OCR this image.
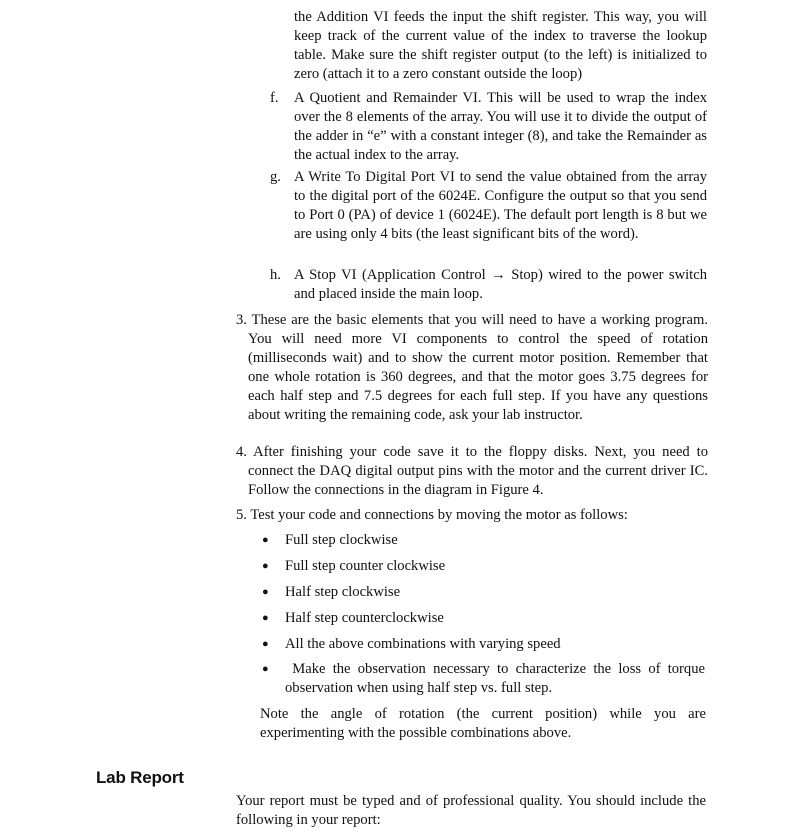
the Addition VI feeds the input the shift register. This way, you will keep track of the current value of the index to traverse the lookup table. Make sure the shift register output (to the left) is initialized to zero (attach it to a zero constant outside the loop)
f. A Quotient and Remainder VI. This will be used to wrap the index over the 8 elements of the array. You will use it to divide the output of the adder in “e” with a constant integer (8), and take the Remainder as the actual index to the array.
g. A Write To Digital Port VI to send the value obtained from the array to the digital port of the 6024E. Configure the output so that you send to Port 0 (PA) of device 1 (6024E). The default port length is 8 but we are using only 4 bits (the least significant bits of the word).
h. A Stop VI (Application Control → Stop) wired to the power switch and placed inside the main loop.
3. These are the basic elements that you will need to have a working program. You will need more VI components to control the speed of rotation (milliseconds wait) and to show the current motor position. Remember that one whole rotation is 360 degrees, and that the motor goes 3.75 degrees for each half step and 7.5 degrees for each full step. If you have any questions about writing the remaining code, ask your lab instructor.
4. After finishing your code save it to the floppy disks. Next, you need to connect the DAQ digital output pins with the motor and the current driver IC. Follow the connections in the diagram in Figure 4.
5. Test your code and connections by moving the motor as follows:
● Full step clockwise
● Full step counter clockwise
● Half step clockwise
● Half step counterclockwise
● All the above combinations with varying speed
● Make the observation necessary to characterize the loss of torque observation when using half step vs. full step.
Note the angle of rotation (the current position) while you are experimenting with the possible combinations above.
Lab Report
Your report must be typed and of professional quality. You should include the following in your report:
